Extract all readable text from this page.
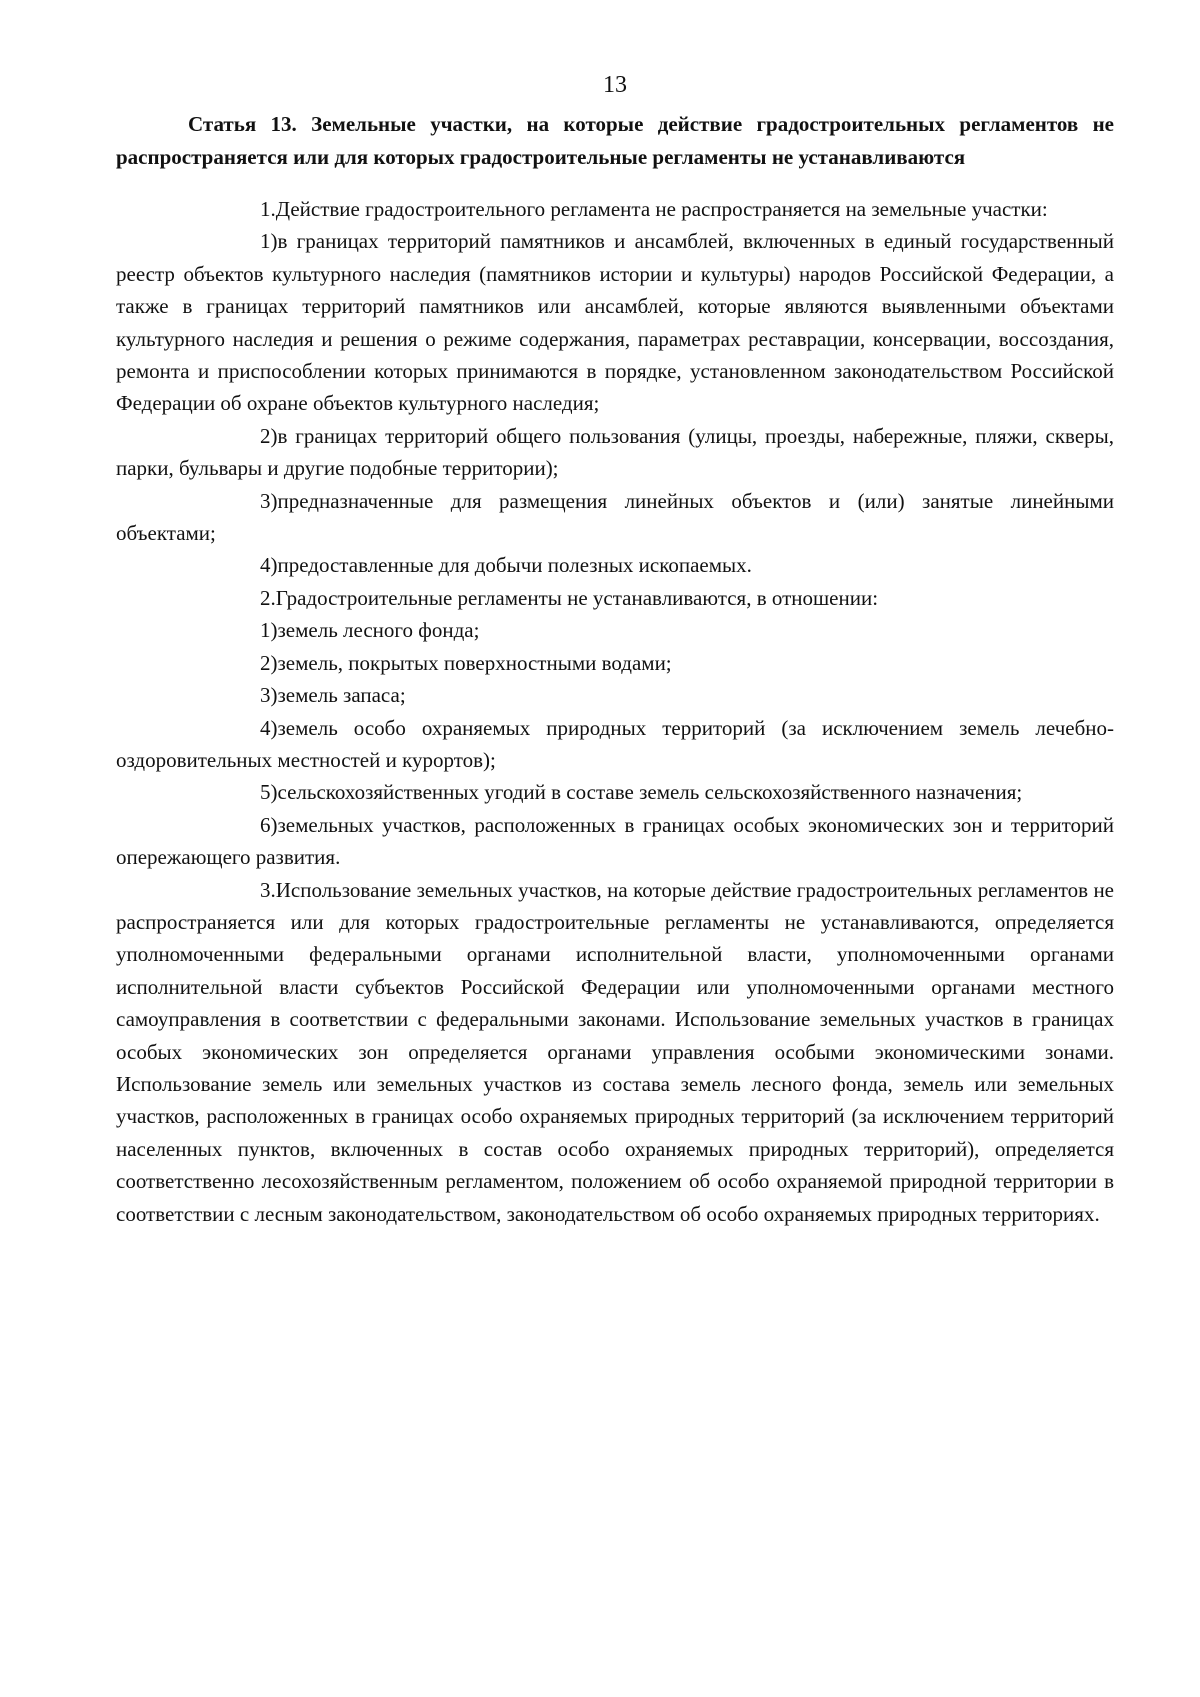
13
Статья 13. Земельные участки, на которые действие градостроительных регламентов не распространяется или для которых градостроительные регламенты не устанавливаются

1.Действие градостроительного регламента не распространяется на земельные участки:

1)в границах территорий памятников и ансамблей, включенных в единый государственный реестр объектов культурного наследия (памятников истории и культуры) народов Российской Федерации, а также в границах территорий памятников или ансамблей, которые являются выявленными объектами культурного наследия и решения о режиме содержания, параметрах реставрации, консервации, воссоздания, ремонта и приспособлении которых принимаются в порядке, установленном законодательством Российской Федерации об охране объектов культурного наследия;

2)в границах территорий общего пользования (улицы, проезды, набережные, пляжи, скверы, парки, бульвары и другие подобные территории);

3)предназначенные для размещения линейных объектов и (или) занятые линейными объектами;

4)предоставленные для добычи полезных ископаемых.

2.Градостроительные регламенты не устанавливаются, в отношении:

1)земель лесного фонда;

2)земель, покрытых поверхностными водами;

3)земель запаса;

4)земель особо охраняемых природных территорий (за исключением земель лечебно-оздоровительных местностей и курортов);

5)сельскохозяйственных угодий в составе земель сельскохозяйственного назначения;

6)земельных участков, расположенных в границах особых экономических зон и территорий опережающего развития.

3.Использование земельных участков, на которые действие градостроительных регламентов не распространяется или для которых градостроительные регламенты не устанавливаются, определяется уполномоченными федеральными органами исполнительной власти, уполномоченными органами исполнительной власти субъектов Российской Федерации или уполномоченными органами местного самоуправления в соответствии с федеральными законами. Использование земельных участков в границах особых экономических зон определяется органами управления особыми экономическими зонами. Использование земель или земельных участков из состава земель лесного фонда, земель или земельных участков, расположенных в границах особо охраняемых природных территорий (за исключением территорий населенных пунктов, включенных в состав особо охраняемых природных территорий), определяется соответственно лесохозяйственным регламентом, положением об особо охраняемой природной территории в соответствии с лесным законодательством, законодательством об особо охраняемых природных территориях.
